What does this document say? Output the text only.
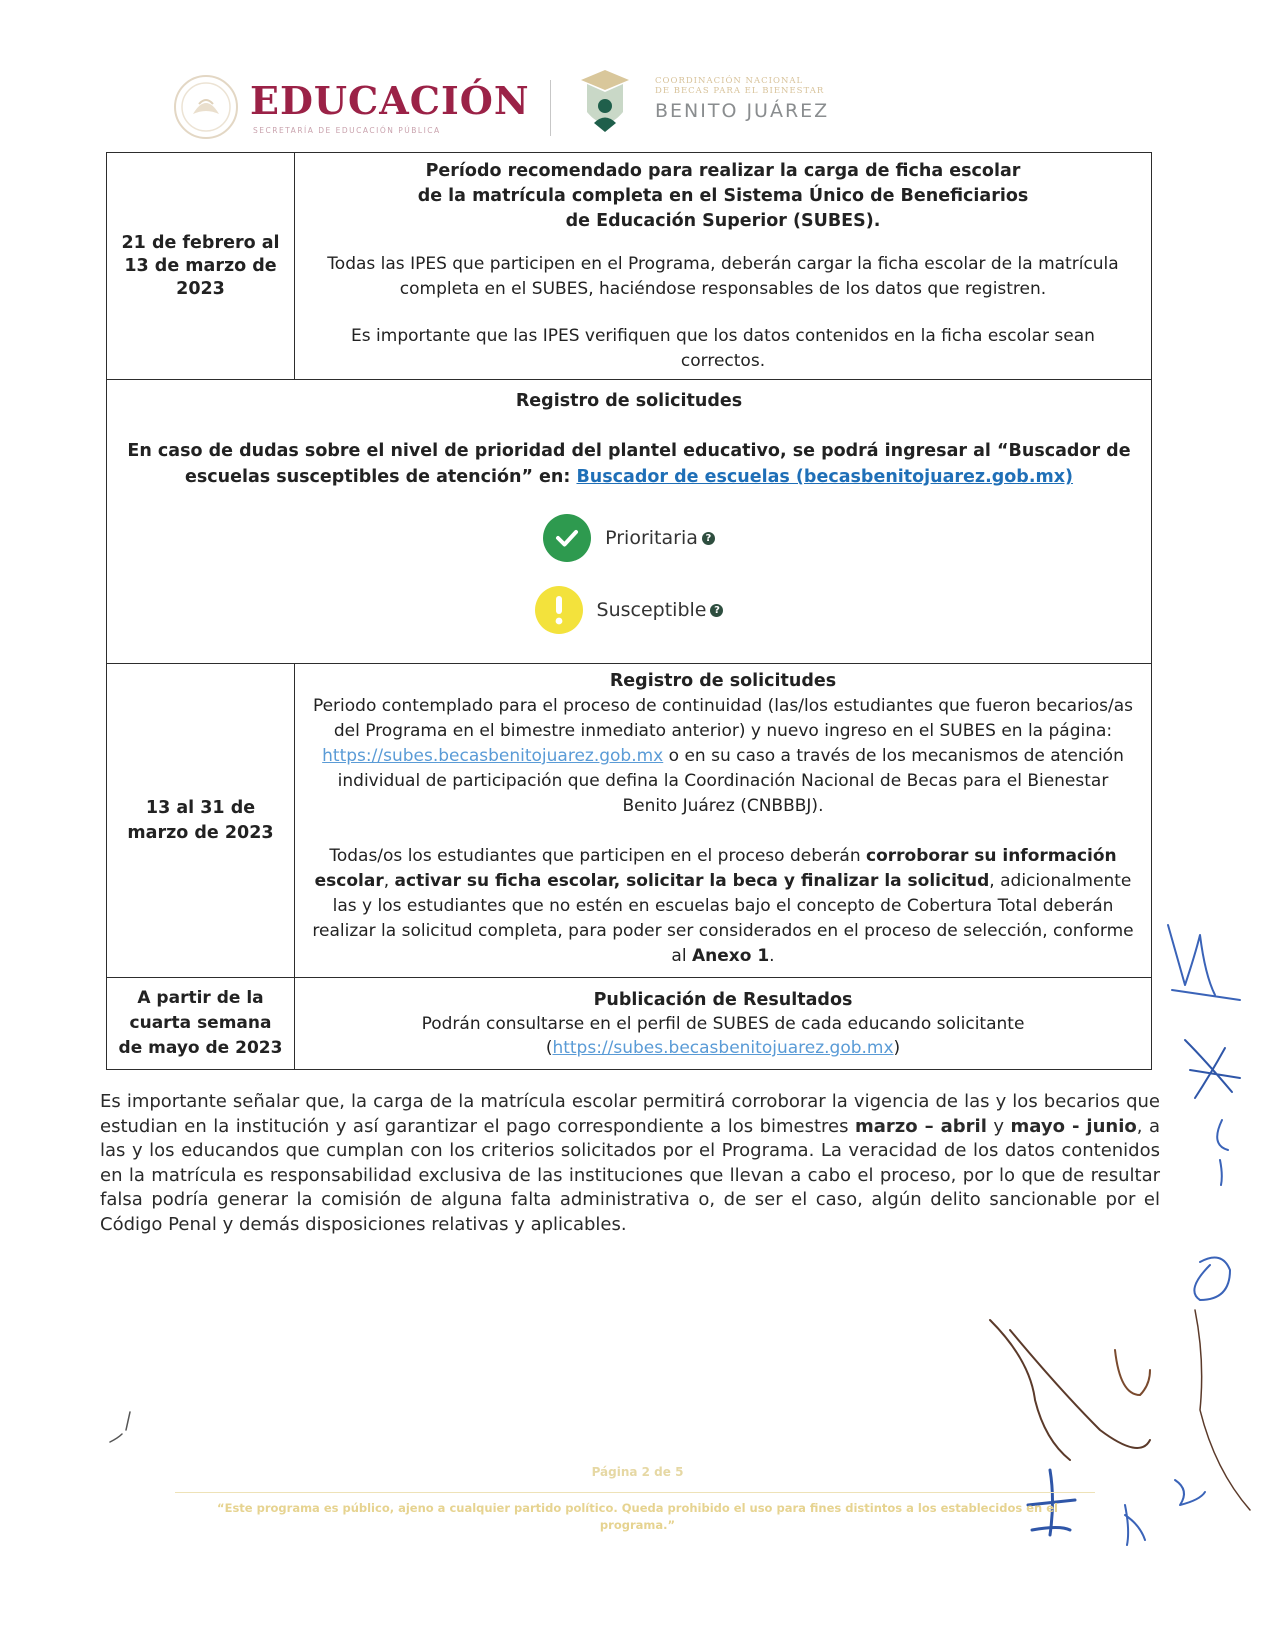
EDUCACIÓN
SECRETARÍA DE EDUCACIÓN PÚBLICA
COORDINACIÓN NACIONAL
DE BECAS PARA EL BIENESTAR
BENITO JUÁREZ
21 de febrero al 13 de marzo de 2023
Período recomendado para realizar la carga de ficha escolar
de la matrícula completa en el Sistema Único de Beneficiarios
de Educación Superior (SUBES).

Todas las IPES que participen en el Programa, deberán cargar la ficha escolar de la matrícula completa en el SUBES, haciéndose responsables de los datos que registren.

Es importante que las IPES verifiquen que los datos contenidos en la ficha escolar sean correctos.

Registro de solicitudes

En caso de dudas sobre el nivel de prioridad del plantel educativo, se podrá ingresar al “Buscador de escuelas susceptibles de atención” en: Buscador de escuelas (becasbenitojuarez.gob.mx)

Prioritaria ?
Susceptible ?
13 al 31 de marzo de 2023
Registro de solicitudes

Periodo contemplado para el proceso de continuidad (las/los estudiantes que fueron becarios/as del Programa en el bimestre inmediato anterior) y nuevo ingreso en el SUBES en la página: https://subes.becasbenitojuarez.gob.mx o en su caso a través de los mecanismos de atención individual de participación que defina la Coordinación Nacional de Becas para el Bienestar Benito Juárez (CNBBBJ).

Todas/os los estudiantes que participen en el proceso deberán corroborar su información escolar, activar su ficha escolar, solicitar la beca y finalizar la solicitud, adicionalmente las y los estudiantes que no estén en escuelas bajo el concepto de Cobertura Total deberán realizar la solicitud completa, para poder ser considerados en el proceso de selección, conforme al Anexo 1.

A partir de la cuarta semana de mayo de 2023
Publicación de Resultados
Podrán consultarse en el perfil de SUBES de cada educando solicitante
(https://subes.becasbenitojuarez.gob.mx)

Es importante señalar que, la carga de la matrícula escolar permitirá corroborar la vigencia de las y los becarios que estudian en la institución y así garantizar el pago correspondiente a los bimestres marzo – abril y mayo - junio, a las y los educandos que cumplan con los criterios solicitados por el Programa. La veracidad de los datos contenidos en la matrícula es responsabilidad exclusiva de las instituciones que llevan a cabo el proceso, por lo que de resultar falsa podría generar la comisión de alguna falta administrativa o, de ser el caso, algún delito sancionable por el Código Penal y demás disposiciones relativas y aplicables.

Página 2 de 5
“Este programa es público, ajeno a cualquier partido político. Queda prohibido el uso para fines distintos a los establecidos en el programa.”
